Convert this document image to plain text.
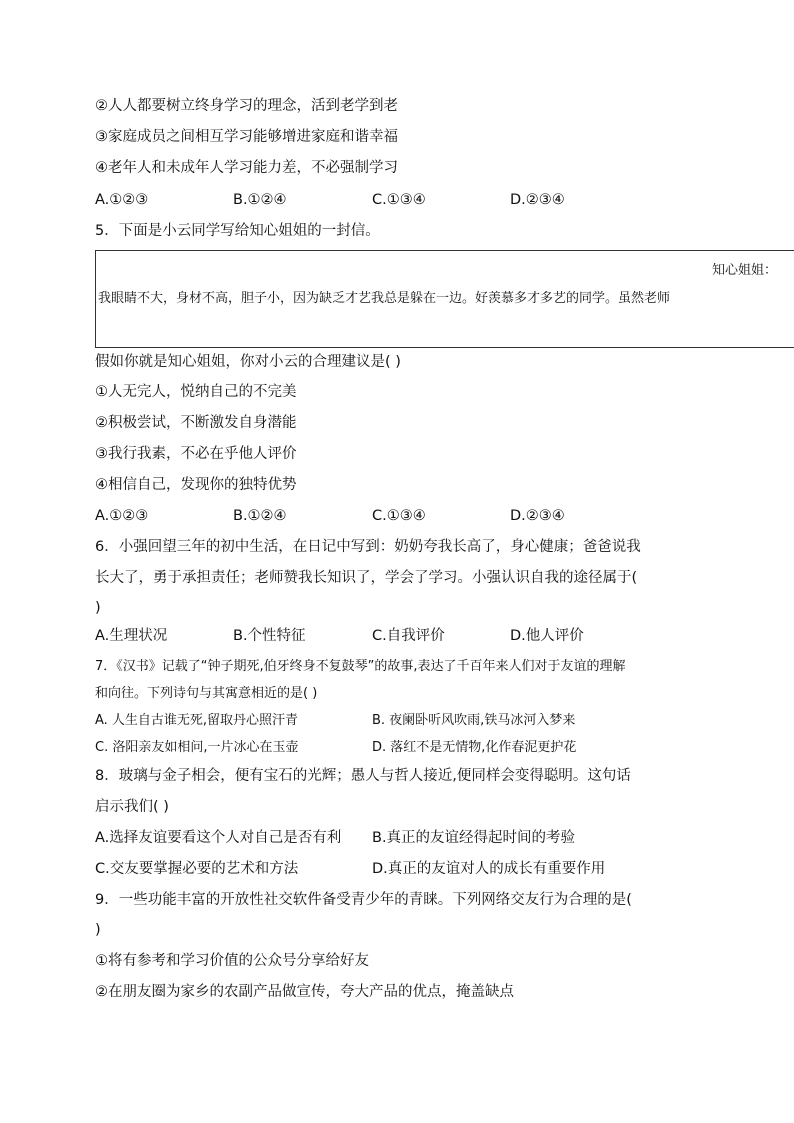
②人人都要树立终身学习的理念，活到老学到老
③家庭成员之间相互学习能够增进家庭和谐幸福
④老年人和未成年人学习能力差，不必强制学习
A.①②③	B.①②④	C.①③④	D.②③④
5．下面是小云同学写给知心姐姐的一封信。
知心姐姐：
我眼睛不大，身材不高，胆子小，因为缺乏才艺我总是躲在一边。好羡慕多才多艺的同学。虽然老师
假如你就是知心姐姐，你对小云的合理建议是( )
①人无完人，悦纳自己的不完美
②积极尝试，不断激发自身潜能
③我行我素，不必在乎他人评价
④相信自己，发现你的独特优势
A.①②③	B.①②④	C.①③④	D.②③④
6．小强回望三年的初中生活，在日记中写到：奶奶夸我长高了，身心健康；爸爸说我
长大了，勇于承担责任；老师赞我长知识了，学会了学习。小强认识自我的途径属于(
)
A.生理状况	B.个性特征	C.自我评价	D.他人评价
7．《汉书》记载了“钟子期死,伯牙终身不复鼓琴”的故事,表达了千百年来人们对于友谊的理解
和向往。下列诗句与其寓意相近的是( )
A. 人生自古谁无死,留取丹心照汗青	B. 夜阑卧听风吹雨,铁马冰河入梦来
C. 洛阳亲友如相问,一片冰心在玉壶	D. 落红不是无情物,化作春泥更护花
8．玻璃与金子相会，便有宝石的光辉；愚人与哲人接近,便同样会变得聪明。这句话
启示我们( )
A.选择友谊要看这个人对自己是否有利 B.真正的友谊经得起时间的考验
C.交友要掌握必要的艺术和方法	D.真正的友谊对人的成长有重要作用
9．一些功能丰富的开放性社交软件备受青少年的青睐。下列网络交友行为合理的是(
)
①将有参考和学习价值的公众号分享给好友
②在朋友圈为家乡的农副产品做宣传，夸大产品的优点，掩盖缺点
